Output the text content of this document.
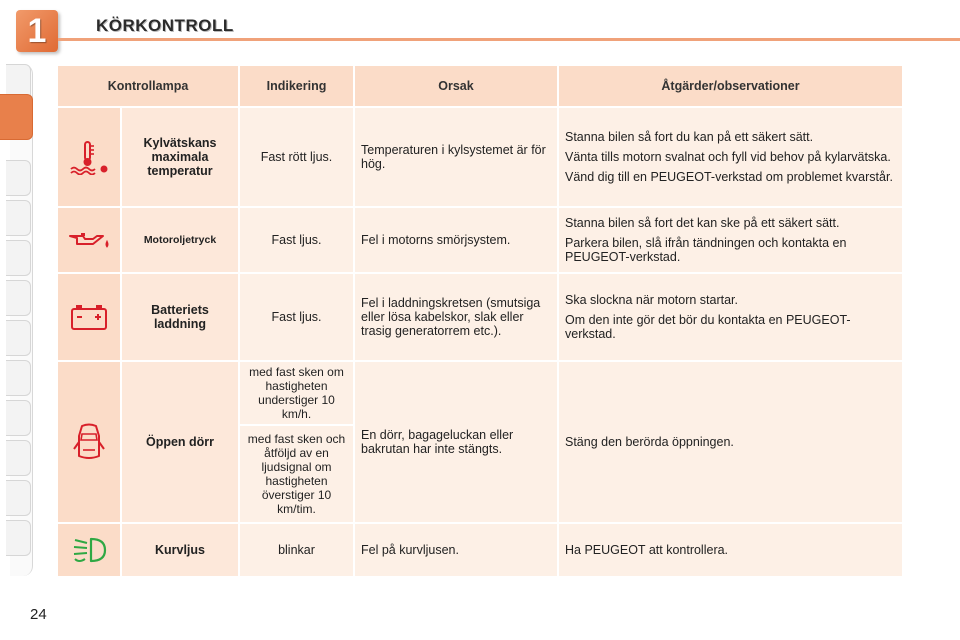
1	KÖRKONTROLL
Kontrollampa		Indikering	Orsak	Åtgärder/observationer

	Kylvätskans maximala temperatur	Fast rött ljus.	Temperaturen i kylsystemet är för hög.	Stanna bilen så fort du kan på ett säkert sätt.

Vänta tills motorn svalnat och fyll vid behov på kylarvätska.

Vänd dig till en PEUGEOT-verkstad om problemet kvarstår.

	Motoroljetryck	Fast ljus.	Fel i motorns smörjsystem.	Stanna bilen så fort det kan ske på ett säkert sätt.

Parkera bilen, slå ifrån tändningen och kontakta en PEUGEOT-verkstad.

	Batteriets laddning	Fast ljus.	Fel i laddningskretsen (smutsiga eller lösa kabelskor, slak eller trasig generatorrem etc.).	Ska slockna när motorn startar.

Om den inte gör det bör du kontakta en PEUGEOT-verkstad.

	Öppen dörr	med fast sken om hastigheten understiger 10 km/h.	En dörr, bagageluckan eller bakrutan har inte stängts.	Stäng den berörda öppningen.

		med fast sken och åtföljd av en ljudsignal om hastigheten överstiger 10 km/tim.		

	Kurvljus	blinkar	Fel på kurvljusen.	Ha PEUGEOT att kontrollera.

24
